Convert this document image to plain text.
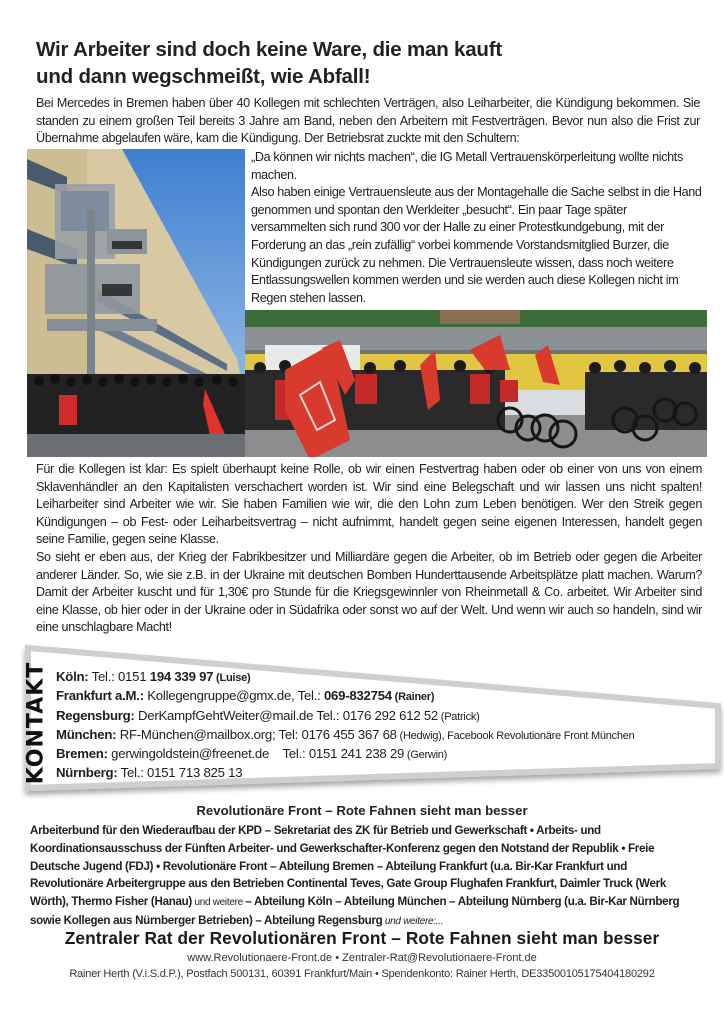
Wir Arbeiter sind doch keine Ware, die man kauft
und dann wegschmeißt, wie Abfall!
Bei Mercedes in Bremen haben über 40 Kollegen mit schlechten Verträgen, also Leiharbeiter, die Kündigung bekommen. Sie standen zu einem großen Teil bereits 3 Jahre am Band, neben den Arbeitern mit Festverträgen. Bevor nun also die Frist zur Übernahme abgelaufen wäre, kam die Kündigung. Der Betriebsrat zuckte mit den Schultern:
„Da können wir nichts machen“, die IG Metall Vertrauenskörperleitung wollte nichts machen.
Also haben einige Vertrauensleute aus der Montagehalle die Sache selbst in die Hand genommen und spontan den Werkleiter „besucht“. Ein paar Tage später versammelten sich rund 300 vor der Halle zu einer Protestkundgebung, mit der Forderung an das „rein zufällig“ vorbei kommende Vorstandsmitglied Burzer, die Kündigungen zurück zu nehmen. Die Vertrauensleute wissen, dass noch weitere Entlassungswellen kommen werden und sie werden auch diese Kollegen nicht im Regen stehen lassen.
Für die Kollegen ist klar: Es spielt überhaupt keine Rolle, ob wir einen Festvertrag haben oder ob einer von uns von einem Sklavenhändler an den Kapitalisten verschachert worden ist. Wir sind eine Belegschaft und wir lassen uns nicht spalten! Leiharbeiter sind Arbeiter wie wir. Sie haben Familien wie wir, die den Lohn zum Leben benötigen. Wer den Streik gegen Kündigungen – ob Fest- oder Leiharbeitsvertrag – nicht aufnimmt, handelt gegen seine eigenen Interessen, handelt gegen seine Familie, gegen seine Klasse.
So sieht er eben aus, der Krieg der Fabrikbesitzer und Milliardäre gegen die Arbeiter, ob im Betrieb oder gegen die Arbeiter anderer Länder. So, wie sie z.B. in der Ukraine mit deutschen Bomben Hunderttausende Arbeitsplätze platt machen. Warum? Damit der Arbeiter kuscht und für 1,30€ pro Stunde für die Kriegsgewinnler von Rheinmetall & Co. arbeitet. Wir Arbeiter sind eine Klasse, ob hier oder in der Ukraine oder in Südafrika oder sonst wo auf der Welt. Und wenn wir auch so handeln, sind wir eine unschlagbare Macht!
KONTAKT Köln: Tel.: 0151 194 339 97 (Luise)
Frankfurt a.M.: Kollegengruppe@gmx.de, Tel.: 069-832754 (Rainer)
Regensburg: DerKampfGehtWeiter@mail.de Tel.: 0176 292 612 52 (Patrick)
München: RF-München@mailbox.org; Tel: 0176 455 367 68 (Hedwig), Facebook Revolutionäre Front München
Bremen: gerwingoldstein@freenet.de    Tel.: 0151 241 238 29 (Gerwin)
Nürnberg: Tel.: 0151 713 825 13
Revolutionäre Front – Rote Fahnen sieht man besser
Arbeiterbund für den Wiederaufbau der KPD – Sekretariat des ZK für Betrieb und Gewerkschaft • Arbeits- und Koordinationsausschuss der Fünften Arbeiter- und Gewerkschafter-Konferenz gegen den Notstand der Republik • Freie Deutsche Jugend (FDJ) • Revolutionäre Front – Abteilung Bremen – Abteilung Frankfurt (u.a. Bir-Kar Frankfurt und Revolutionäre Arbeitergruppe aus den Betrieben Continental Teves, Gate Group Flughafen Frankfurt, Daimler Truck (Werk Wörth), Thermo Fisher (Hanau) und weitere – Abteilung Köln – Abteilung München – Abteilung Nürnberg (u.a. Bir-Kar Nürnberg sowie Kollegen aus Nürnberger Betrieben) – Abteilung Regensburg und weitere:...
Zentraler Rat der Revolutionären Front – Rote Fahnen sieht man besser
www.Revolutionaere-Front.de • Zentraler-Rat@Revolutionaere-Front.de
Rainer Herth (V.i.S.d.P.), Postfach 500131, 60391 Frankfurt/Main • Spendenkonto: Rainer Herth, DE33500105175404180292
